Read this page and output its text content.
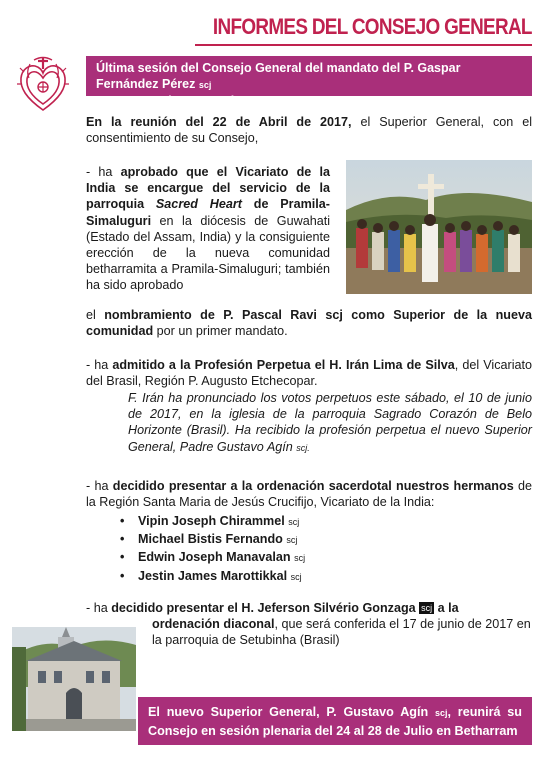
INFORMES DEL CONSEJO GENERAL
Última sesión del Consejo General del mandato del P. Gaspar Fernández Pérez scj
como Superior General
En la reunión del 22 de Abril de 2017, el Superior General, con el consentimiento de su Consejo,
- ha aprobado que el Vicariato de la India se encargue del servicio de la parroquia Sacred Heart de Pramila-Simaluguri en la diócesis de Guwahati (Estado del Assam, India) y la consiguiente erección de la nueva comunidad betharramita a Pramila-Simaluguri; también ha sido aprobado
el nombramiento de P. Pascal Ravi scj como Superior de la nueva comunidad por un primer mandato.
- ha admitido a la Profesión Perpetua el H. Irán Lima de Silva, del Vicariato del Brasil, Región P. Augusto Etchecopar.
F. Irán ha pronunciado los votos perpetuos este sábado, el 10 de junio de 2017, en la iglesia de la parroquia Sagrado Corazón de Belo Horizonte (Brasil). Ha recibido la profesión perpetua el nuevo Superior General, Padre Gustavo Agín scj.
- ha decidido presentar a la ordenación sacerdotal nuestros hermanos de la Región Santa Maria de Jesús Crucifijo, Vicariato de la India:
• Vipin Joseph Chirammel scj
• Michael Bistis Fernando scj
• Edwin Joseph Manavalan scj
• Jestin James Marottikkal scj
- ha decidido presentar el H. Jeferson Silvério Gonzaga scj a la
ordenación diaconal, que será conferida el 17 de junio de 2017 en la parroquia de Setubinha (Brasil)
El nuevo Superior General, P. Gustavo Agín scj, reunirá su Consejo en sesión plenaria del 24 al 28 de Julio en Betharram
